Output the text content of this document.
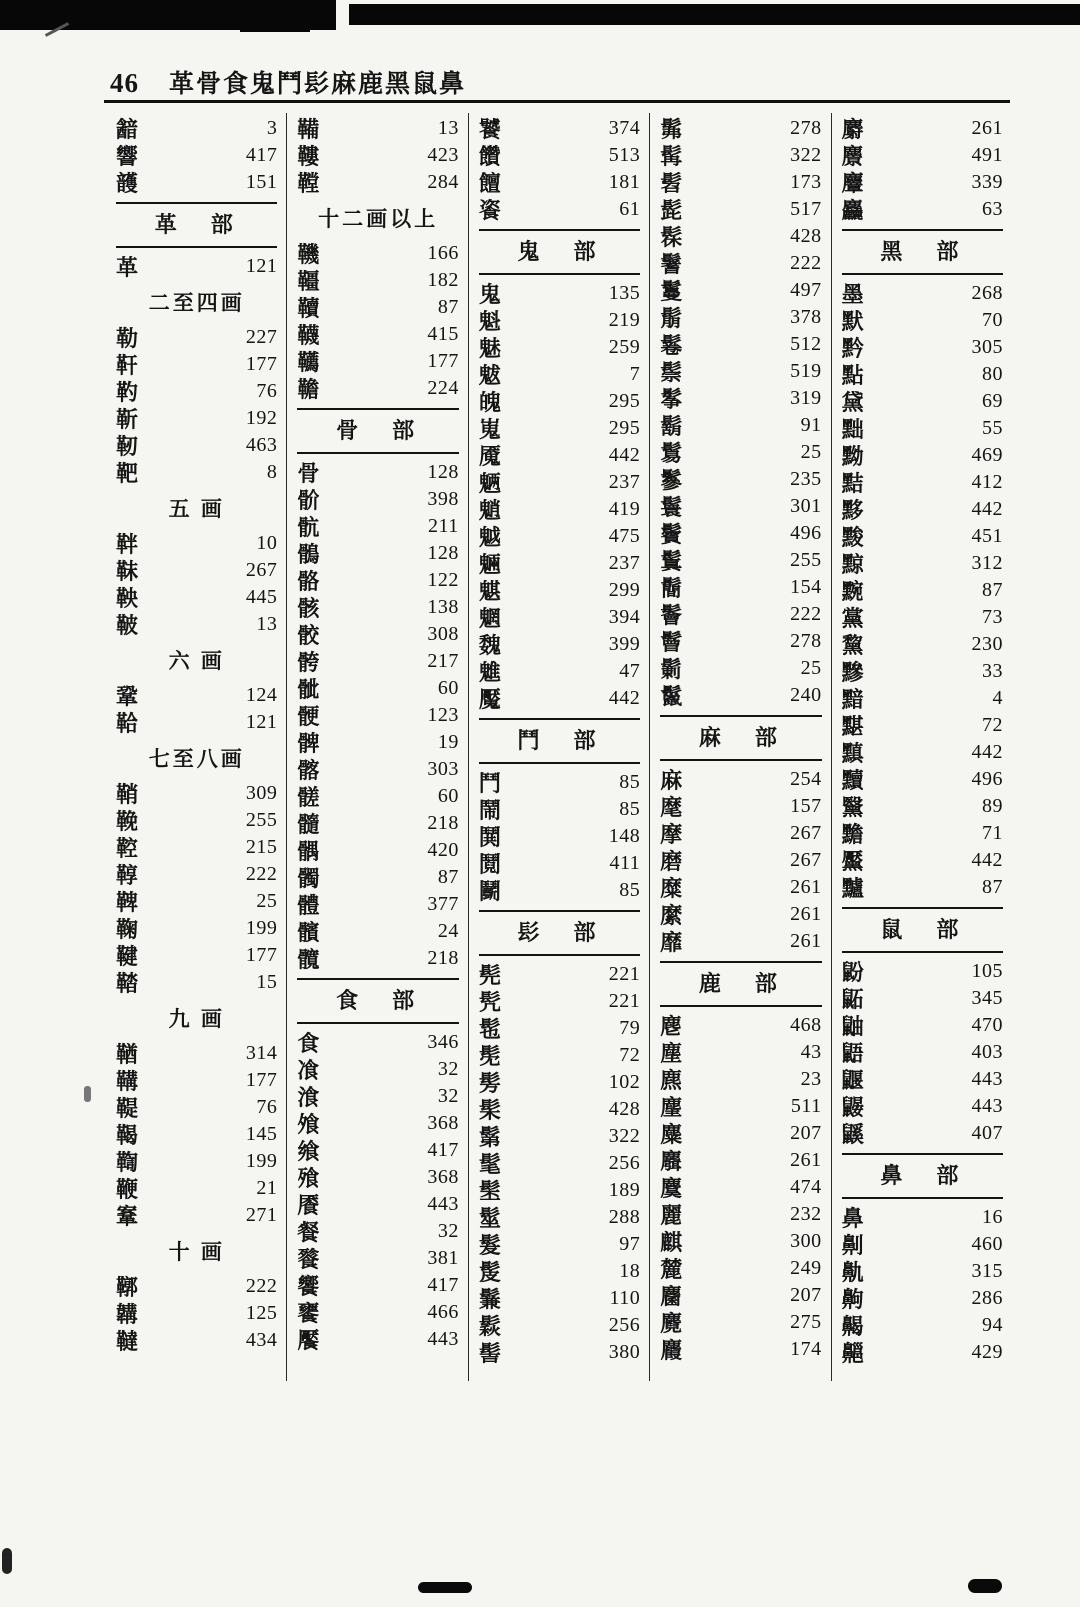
46 革骨食鬼鬥髟麻鹿黑鼠鼻
韽	3
響	417
頀	151
革　部
革	121
二至四画
勒	227
靬	177
靮	76
靳	192
靭	463
靶	8
五 画
靽	10
靺	267
鞅	445
鞁	13
六 画
鞏	124
鞈	121
七至八画
鞘	309
鞔	255
鞚	215
鞟	222
鞞	25
鞠	199
鞬	177
鞜	15
九 画
鞧	314
鞲	177
鞮	76
鞨	145
鞫	199
鞭	21
鞌	271
十 画
鞹	222
韝	125
韃	434
鞴	13
鞻	423
鞺	284
十二画以上
鞿	166
韁	182
韇	87
韈	415
韉	177
韂	224
骨　部
骨	128
骱	398
骯	211
鶻	128
骼	122
骸	138
骹	308
骻	217
骴	60
骾	123
髀	19
髂	303
髊	60
髓	218
髃	420
髑	87
體	377
髕	24
髖	218
食　部
食	346
飡	32
湌	32
飧	368
飨	417
飱	368
餍	443
餐	32
餮	381
饗	417
饔	466
饜	443
饕	374
饡	513
饘	181
餈	61
鬼　部
鬼	135
魁	219
魅	259
魃	7
魄	295
嵬	295
魇	442
魉	237
魈	419
魆	475
魎	237
魌	299
魍	394
魏	399
魋	47
魘	442
鬥　部
鬥	85
鬧	85
鬨	148
鬩	411
鬭	85
髟　部
髡	221
髠	221
髢	79
髧	72
髣	102
髤	428
鬀	322
髦	256
髬	189
髽	288
髮	97
髲	18
鬑	110
鬏	256
髻	380
髴	278
髯	322
髫	173
髭	517
髹	428
鬐	222
鬘	497
鬅	378
鬈	512
鬃	519
鬇	319
鬍	91
鬄	25
鬖	235
鬟	301
鬢	496
鬒	255
鬝	154
鬠	222
鬙	278
鬎	25
鬣	240
麻　部
麻	254
麾	157
摩	267
磨	267
糜	261
縻	261
靡	261
鹿　部
麀	468
塵	43
麃	23
麈	511
麋	207
麛	261
麌	474
麗	232
麒	300
麓	249
麕	207
麑	275
麚	174
麝	261
麖	491
麞	339
麤	63
黑　部
墨	268
默	70
黔	305
點	80
黛	69
黜	55
黝	469
黠	412
黟	442
黢	451
黥	312
黦	87
黨	73
黧	230
黲	33
黯	4
黮	72
黰	442
黷	496
黳	89
黵	71
黶	442
黸	87
鼠　部
鼢	105
鼫	345
鼬	470
鼯	403
鼴	443
鼹	443
鼷	407
鼻　部
鼻	16
劓	460
鼽	315
齁	286
齃	94
齆	429
